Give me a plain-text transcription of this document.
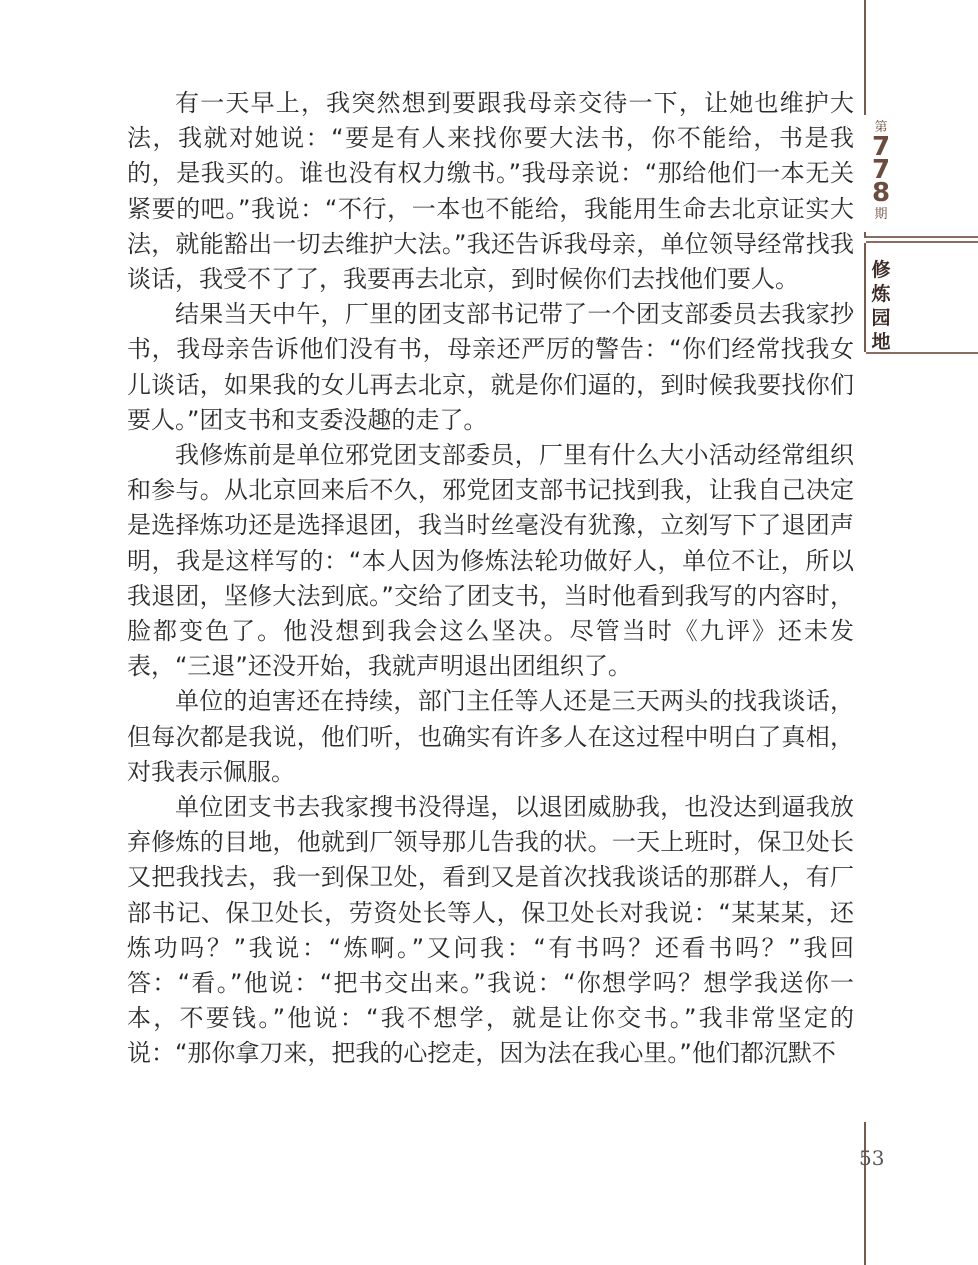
有一天早上，我突然想到要跟我母亲交待一下，让她也维护大法，我就对她说：“要是有人来找你要大法书，你不能给，书是我的，是我买的。谁也没有权力缴书。”我母亲说：“那给他们一本无关紧要的吧。”我说：“不行，一本也不能给，我能用生命去北京证实大法，就能豁出一切去维护大法。”我还告诉我母亲，单位领导经常找我谈话，我受不了了，我要再去北京，到时候你们去找他们要人。

结果当天中午，厂里的团支部书记带了一个团支部委员去我家抄书，我母亲告诉他们没有书，母亲还严厉的警告：“你们经常找我女儿谈话，如果我的女儿再去北京，就是你们逼的，到时候我要找你们要人。”团支书和支委没趣的走了。

我修炼前是单位邪党团支部委员，厂里有什么大小活动经常组织和参与。从北京回来后不久，邪党团支部书记找到我，让我自己决定是选择炼功还是选择退团，我当时丝毫没有犹豫，立刻写下了退团声明，我是这样写的：“本人因为修炼法轮功做好人，单位不让，所以我退团，坚修大法到底。”交给了团支书，当时他看到我写的内容时，脸都变色了。他没想到我会这么坚决。尽管当时《九评》还未发表，“三退”还没开始，我就声明退出团组织了。

单位的迫害还在持续，部门主任等人还是三天两头的找我谈话，但每次都是我说，他们听，也确实有许多人在这过程中明白了真相，对我表示佩服。

单位团支书去我家搜书没得逞，以退团威胁我，也没达到逼我放弃修炼的目地，他就到厂领导那儿告我的状。一天上班时，保卫处长又把我找去，我一到保卫处，看到又是首次找我谈话的那群人，有厂部书记、保卫处长，劳资处长等人，保卫处长对我说：“某某某，还炼功吗？”我说：“炼啊。”又问我：“有书吗？还看书吗？”我回答：“看。”他说：“把书交出来。”我说：“你想学吗？想学我送你一本，不要钱。”他说：“我不想学，就是让你交书。”我非常坚定的说：“那你拿刀来，把我的心挖走，因为法在我心里。”他们都沉默不

第
7
7
8
期
修
炼
园
地
53
